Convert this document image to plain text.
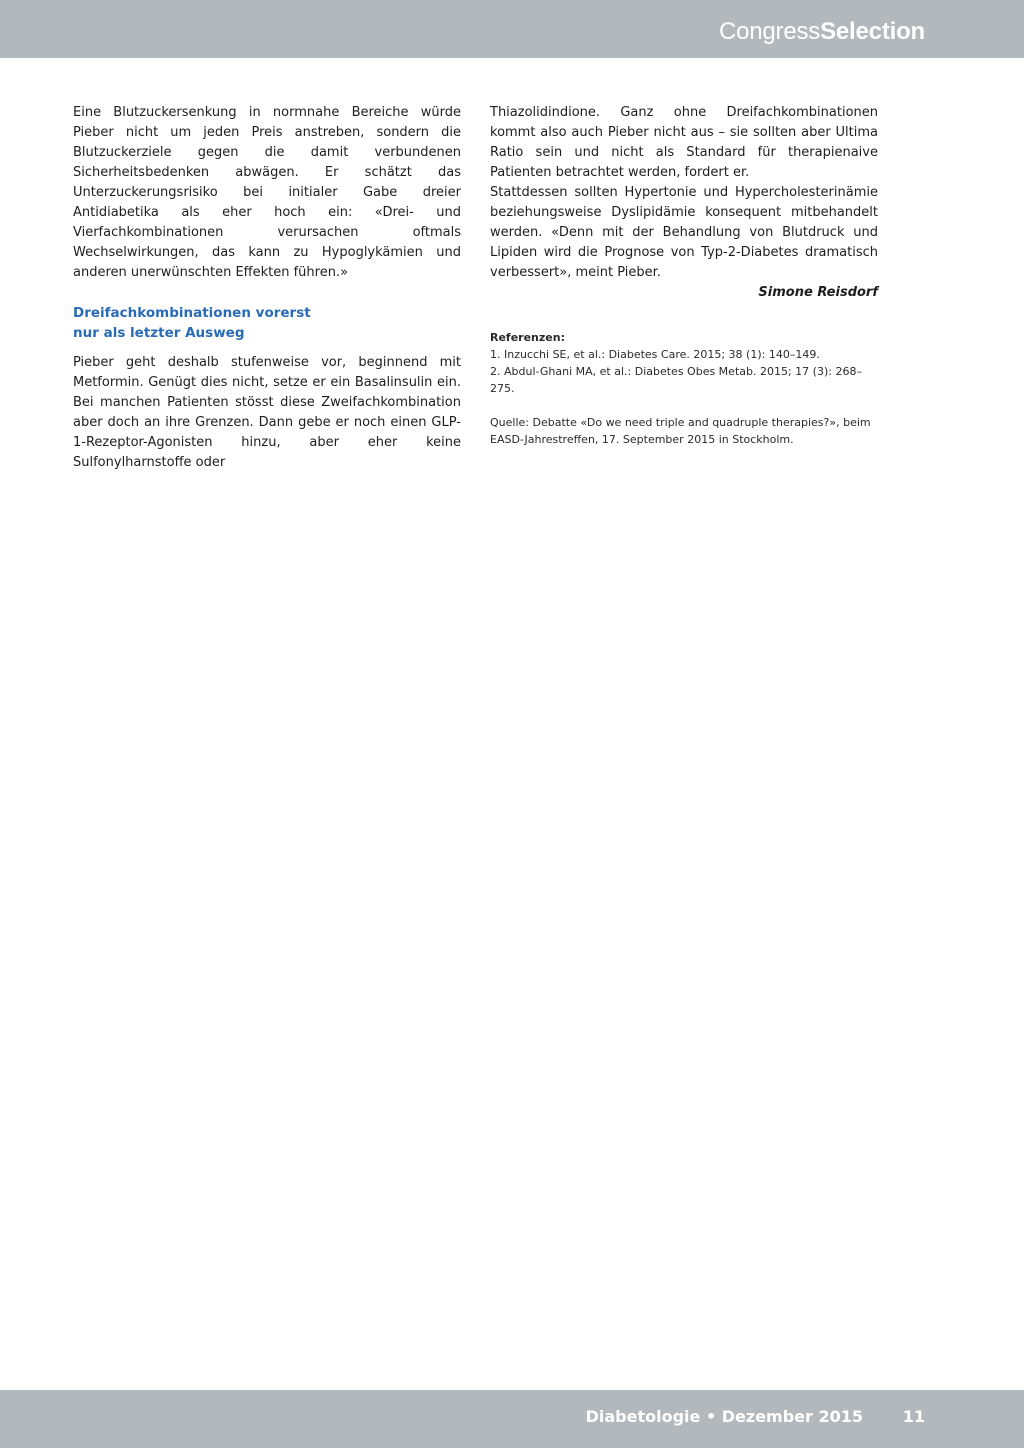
CongressSelection

Eine Blutzuckersenkung in normnahe Bereiche würde Pieber nicht um jeden Preis anstreben, sondern die Blutzuckerziele gegen die damit verbundenen Sicherheitsbedenken abwägen. Er schätzt das Unterzuckerungsrisiko bei initialer Gabe dreier Antidiabetika als eher hoch ein: «Drei- und Vierfachkombinationen verursachen oftmals Wechselwirkungen, das kann zu Hypoglykämien und anderen unerwünschten Effekten führen.»

Dreifachkombinationen vorerst
nur als letzter Ausweg

Pieber geht deshalb stufenweise vor, beginnend mit Metformin. Genügt dies nicht, setze er ein Basalinsulin ein. Bei manchen Patienten stösst diese Zweifachkombination aber doch an ihre Grenzen. Dann gebe er noch einen GLP-1-Rezeptor-Agonisten hinzu, aber eher keine Sulfonylharnstoffe oder

Thiazolidindione. Ganz ohne Dreifachkombinationen kommt also auch Pieber nicht aus – sie sollten aber Ultima Ratio sein und nicht als Standard für therapienaive Patienten betrachtet werden, fordert er.

Stattdessen sollten Hypertonie und Hypercholesterinämie beziehungsweise Dyslipidämie konsequent mitbehandelt werden. «Denn mit der Behandlung von Blutdruck und Lipiden wird die Prognose von Typ-2-Diabetes dramatisch verbessert», meint Pieber.

Simone Reisdorf
Referenzen:
1. Inzucchi SE, et al.: Diabetes Care. 2015; 38 (1): 140–149.
2. Abdul-Ghani MA, et al.: Diabetes Obes Metab. 2015; 17 (3): 268–275.
Quelle: Debatte «Do we need triple and quadruple therapies?», beim EASD-Jahrestreffen, 17. September 2015 in Stockholm.
Diabetologie • Dezember 2015 11
